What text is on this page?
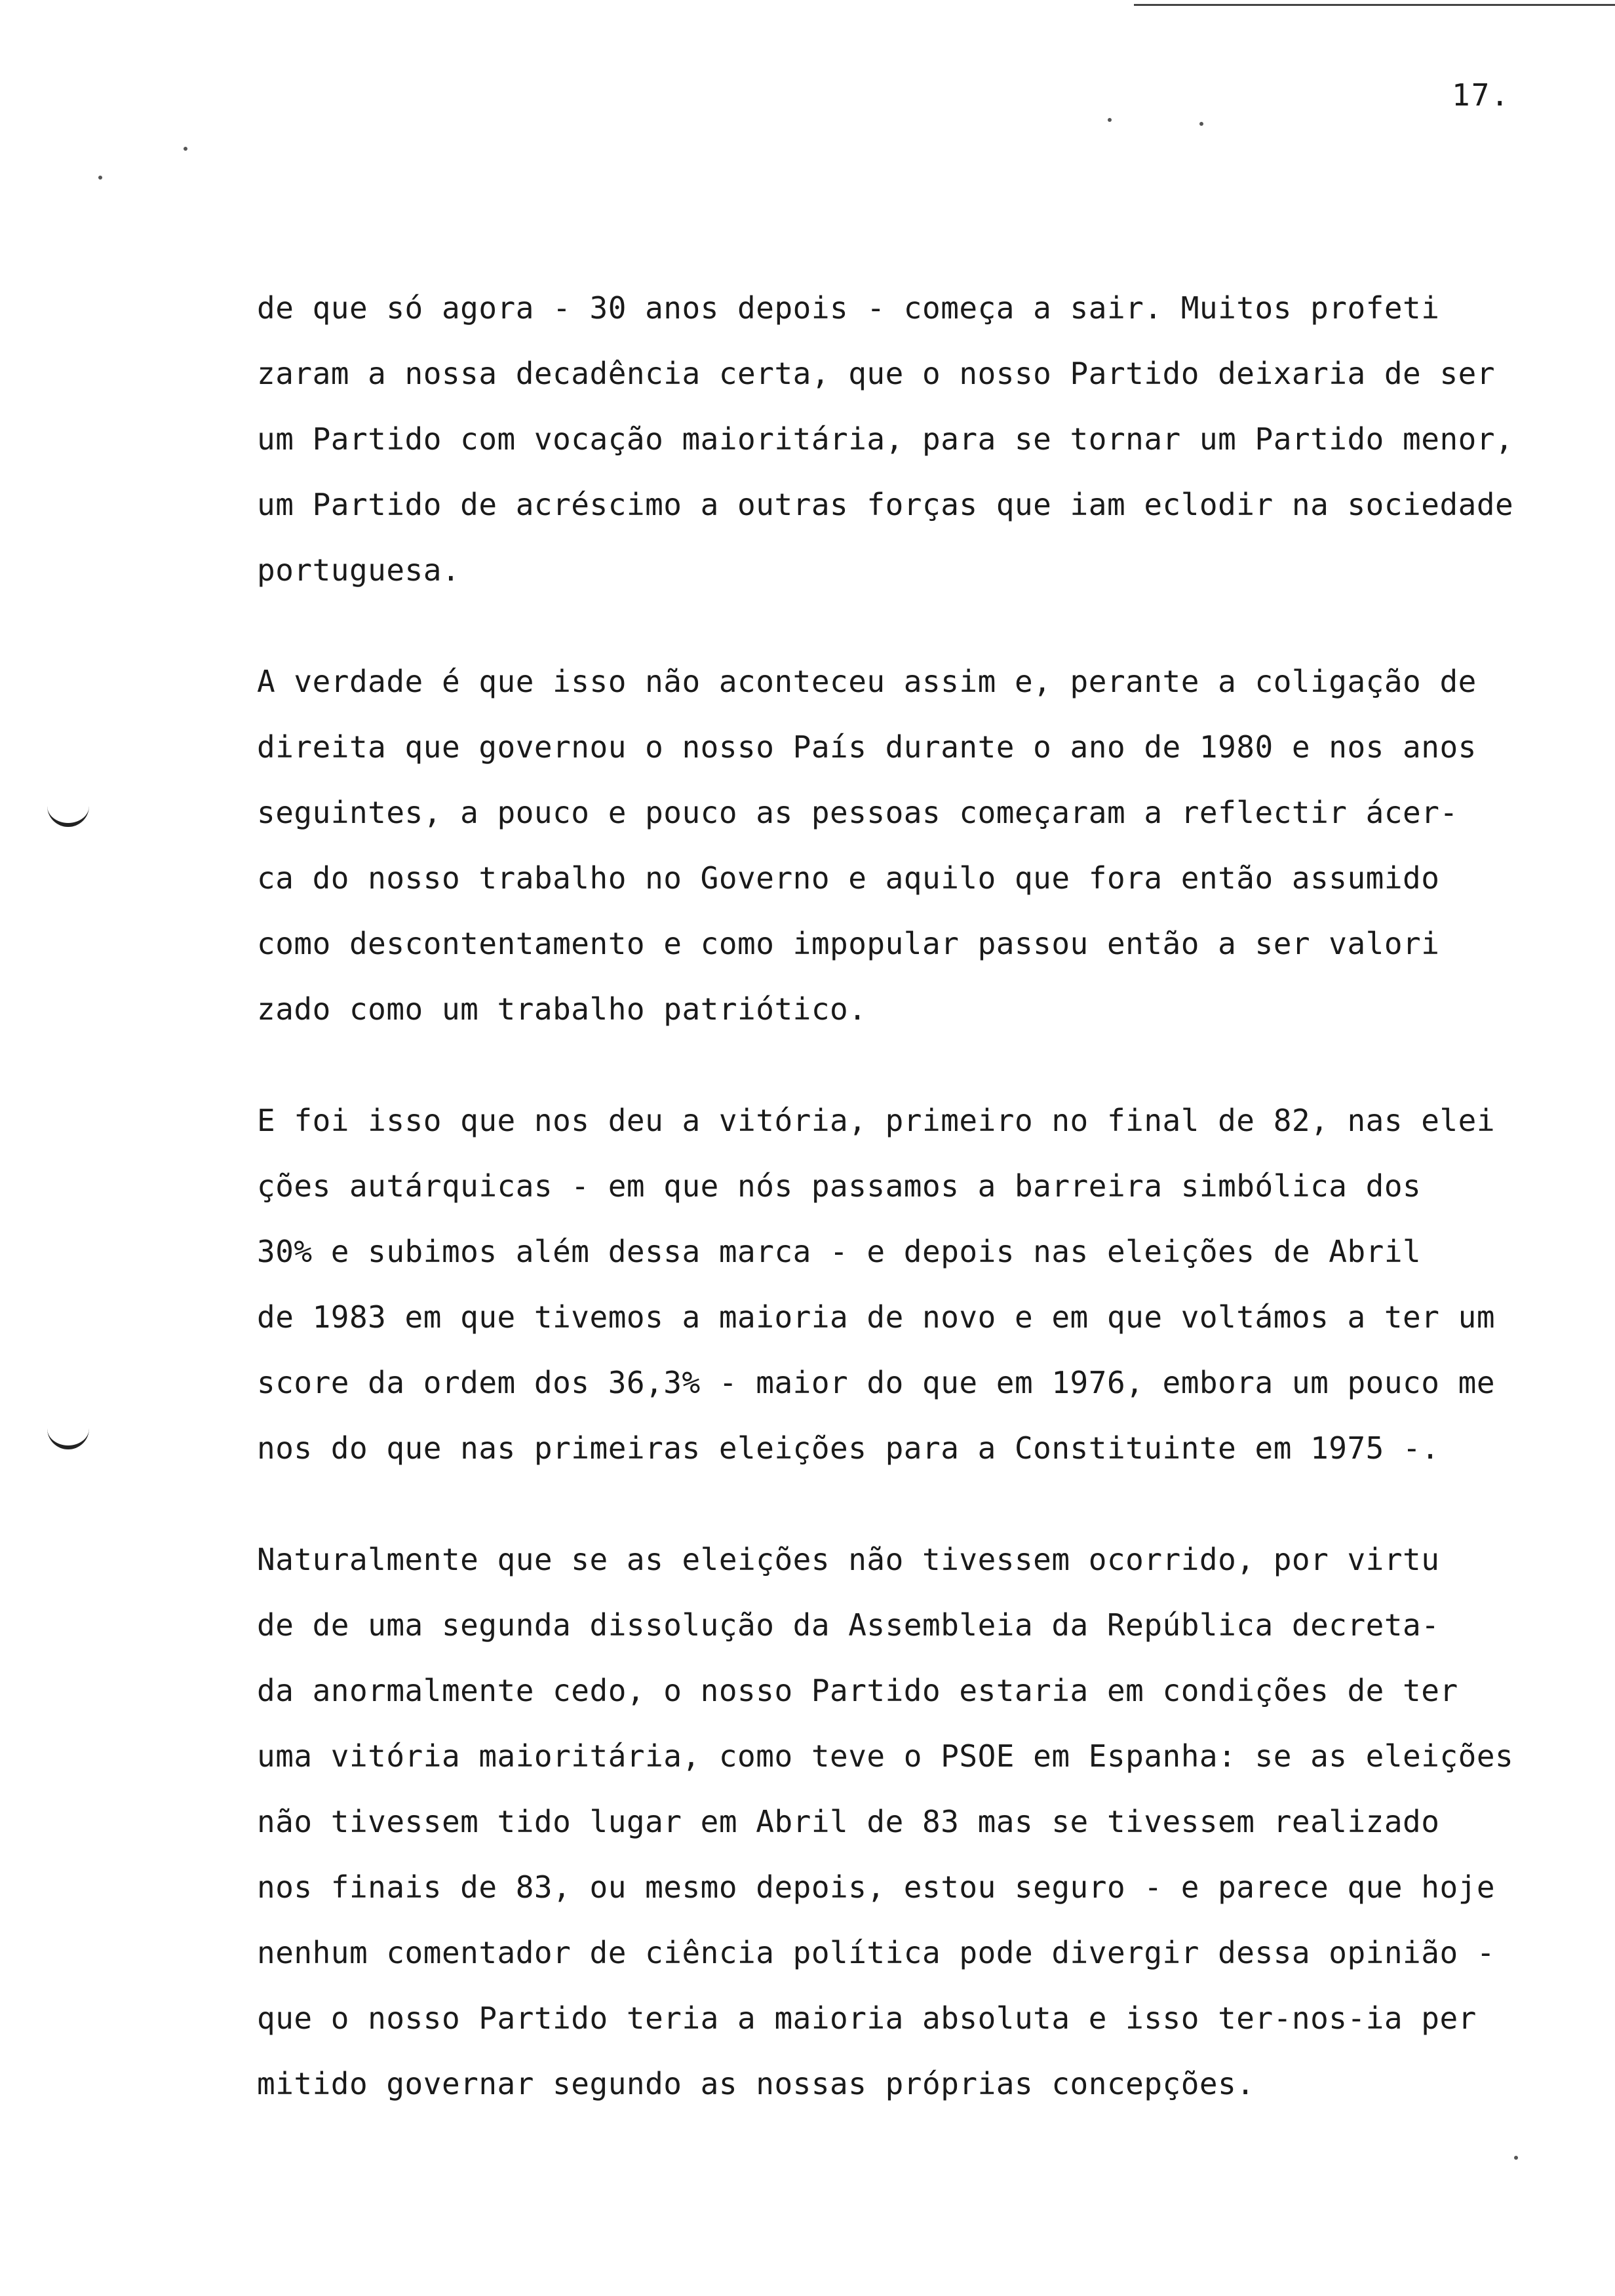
17.
de que só agora - 30 anos depois - começa a sair. Muitos profeti
zaram a nossa decadência certa, que o nosso Partido deixaria de ser
um Partido com vocação maioritária, para se tornar um Partido menor,
um Partido de acréscimo a outras forças que iam eclodir na sociedade
portuguesa.
A verdade é que isso não aconteceu assim e, perante a coligação de
direita que governou o nosso País durante o ano de 1980 e nos anos
seguintes, a pouco e pouco as pessoas começaram a reflectir ácer-
ca do nosso trabalho no Governo e aquilo que fora então assumido
como descontentamento e como impopular passou então a ser valori
zado como um trabalho patriótico.
E foi isso que nos deu a vitória, primeiro no final de 82, nas elei
ções autárquicas - em que nós passamos a barreira simbólica dos
30% e subimos além dessa marca - e depois nas eleições de Abril
de 1983 em que tivemos a maioria de novo e em que voltámos a ter um
score da ordem dos 36,3% - maior do que em 1976, embora um pouco me
nos do que nas primeiras eleições para a Constituinte em 1975 -.
Naturalmente que se as eleições não tivessem ocorrido, por virtu
de de uma segunda dissolução da Assembleia da República decreta-
da anormalmente cedo, o nosso Partido estaria em condições de ter
uma vitória maioritária, como teve o PSOE em Espanha: se as eleições
não tivessem tido lugar em Abril de 83 mas se tivessem realizado
nos finais de 83, ou mesmo depois, estou seguro - e parece que hoje
nenhum comentador de ciência política pode divergir dessa opinião -
que o nosso Partido teria a maioria absoluta e isso ter-nos-ia per
mitido governar segundo as nossas próprias concepções.
